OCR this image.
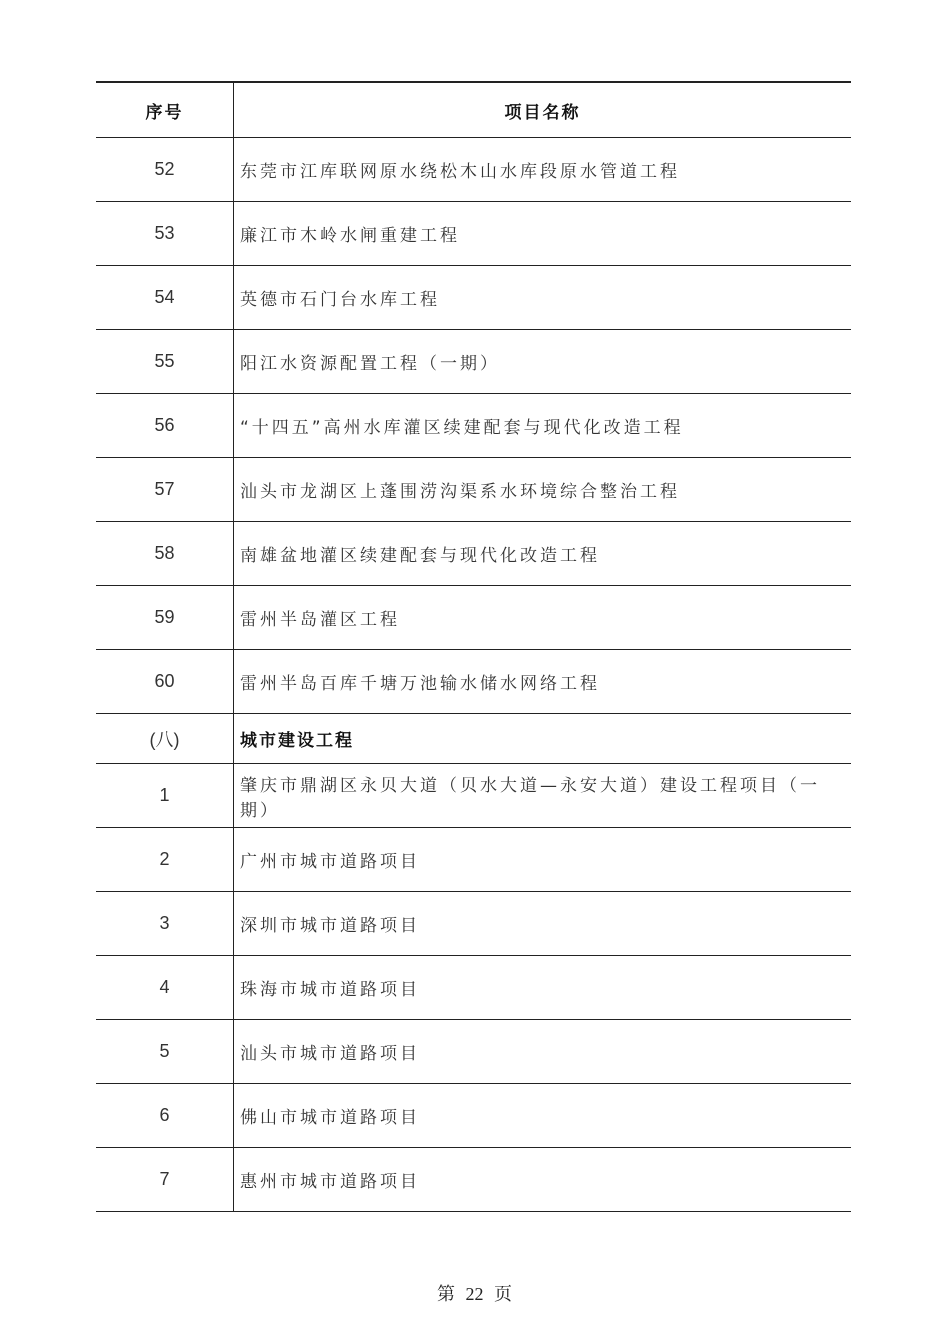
序号	项目名称
52	东莞市江库联网原水绕松木山水库段原水管道工程
53	廉江市木岭水闸重建工程
54	英德市石门台水库工程
55	阳江水资源配置工程（一期）
56	“十四五”高州水库灌区续建配套与现代化改造工程
57	汕头市龙湖区上蓬围涝沟渠系水环境综合整治工程
58	南雄盆地灌区续建配套与现代化改造工程
59	雷州半岛灌区工程
60	雷州半岛百库千塘万池输水储水网络工程
(八)	城市建设工程
1	肇庆市鼎湖区永贝大道（贝水大道—永安大道）建设工程项目（一期）
2	广州市城市道路项目
3	深圳市城市道路项目
4	珠海市城市道路项目
5	汕头市城市道路项目
6	佛山市城市道路项目
7	惠州市城市道路项目
第 22 页
